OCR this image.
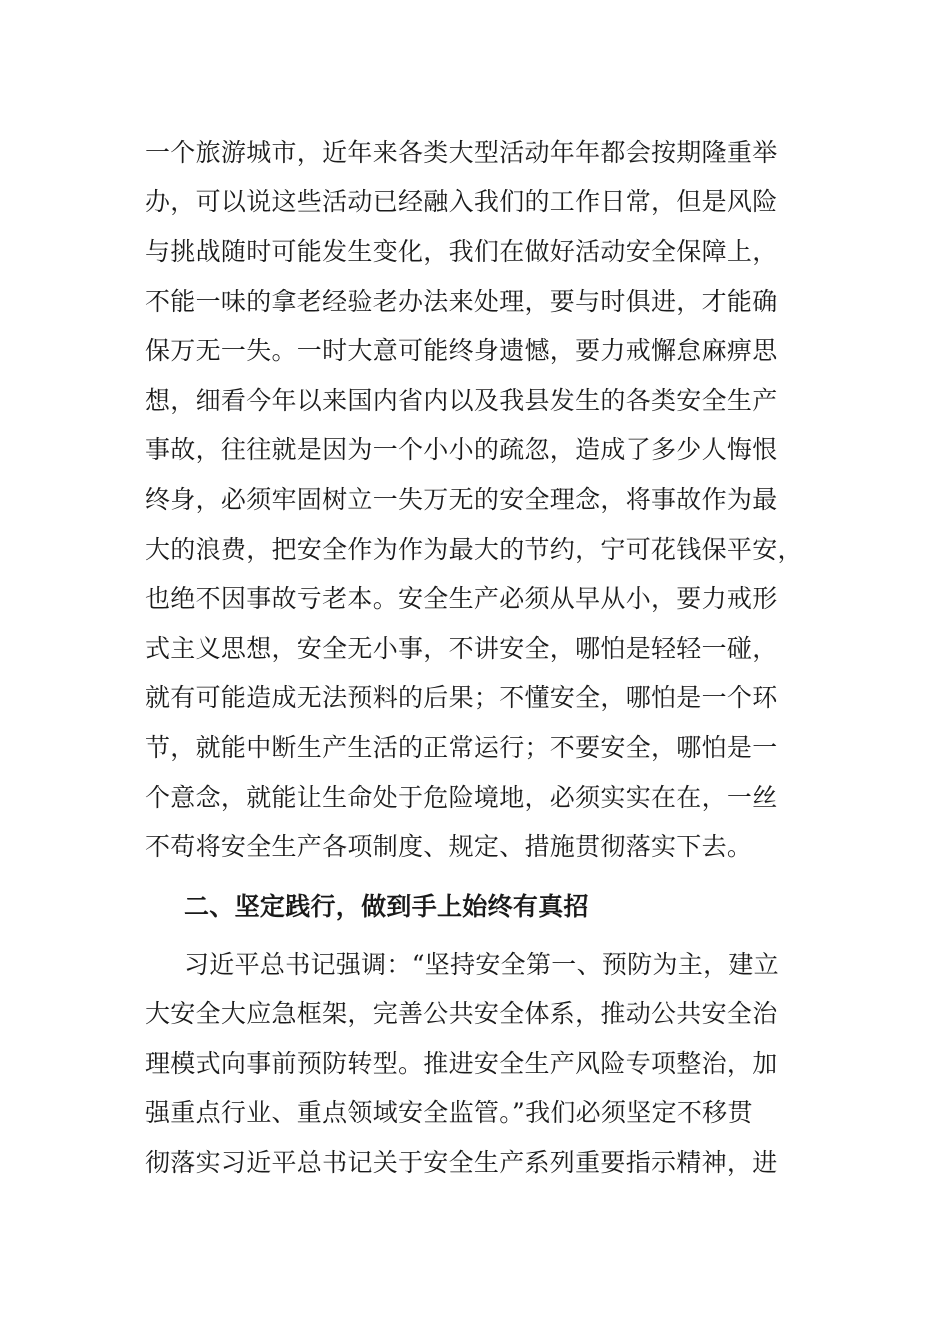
一个旅游城市，近年来各类大型活动年年都会按期隆重举
办，可以说这些活动已经融入我们的工作日常，但是风险
与挑战随时可能发生变化，我们在做好活动安全保障上，
不能一味的拿老经验老办法来处理，要与时俱进，才能确
保万无一失。一时大意可能终身遗憾，要力戒懈怠麻痹思
想，细看今年以来国内省内以及我县发生的各类安全生产
事故，往往就是因为一个小小的疏忽，造成了多少人悔恨
终身，必须牢固树立一失万无的安全理念，将事故作为最
大的浪费，把安全作为作为最大的节约，宁可花钱保平安，
也绝不因事故亏老本。安全生产必须从早从小，要力戒形
式主义思想，安全无小事，不讲安全，哪怕是轻轻一碰，
就有可能造成无法预料的后果；不懂安全，哪怕是一个环
节，就能中断生产生活的正常运行；不要安全，哪怕是一
个意念，就能让生命处于危险境地，必须实实在在，一丝
不苟将安全生产各项制度、规定、措施贯彻落实下去。
二、坚定践行，做到手上始终有真招
习近平总书记强调：“坚持安全第一、预防为主，建立
大安全大应急框架，完善公共安全体系，推动公共安全治
理模式向事前预防转型。推进安全生产风险专项整治，加
强重点行业、重点领域安全监管。”我们必须坚定不移贯
彻落实习近平总书记关于安全生产系列重要指示精神，进
